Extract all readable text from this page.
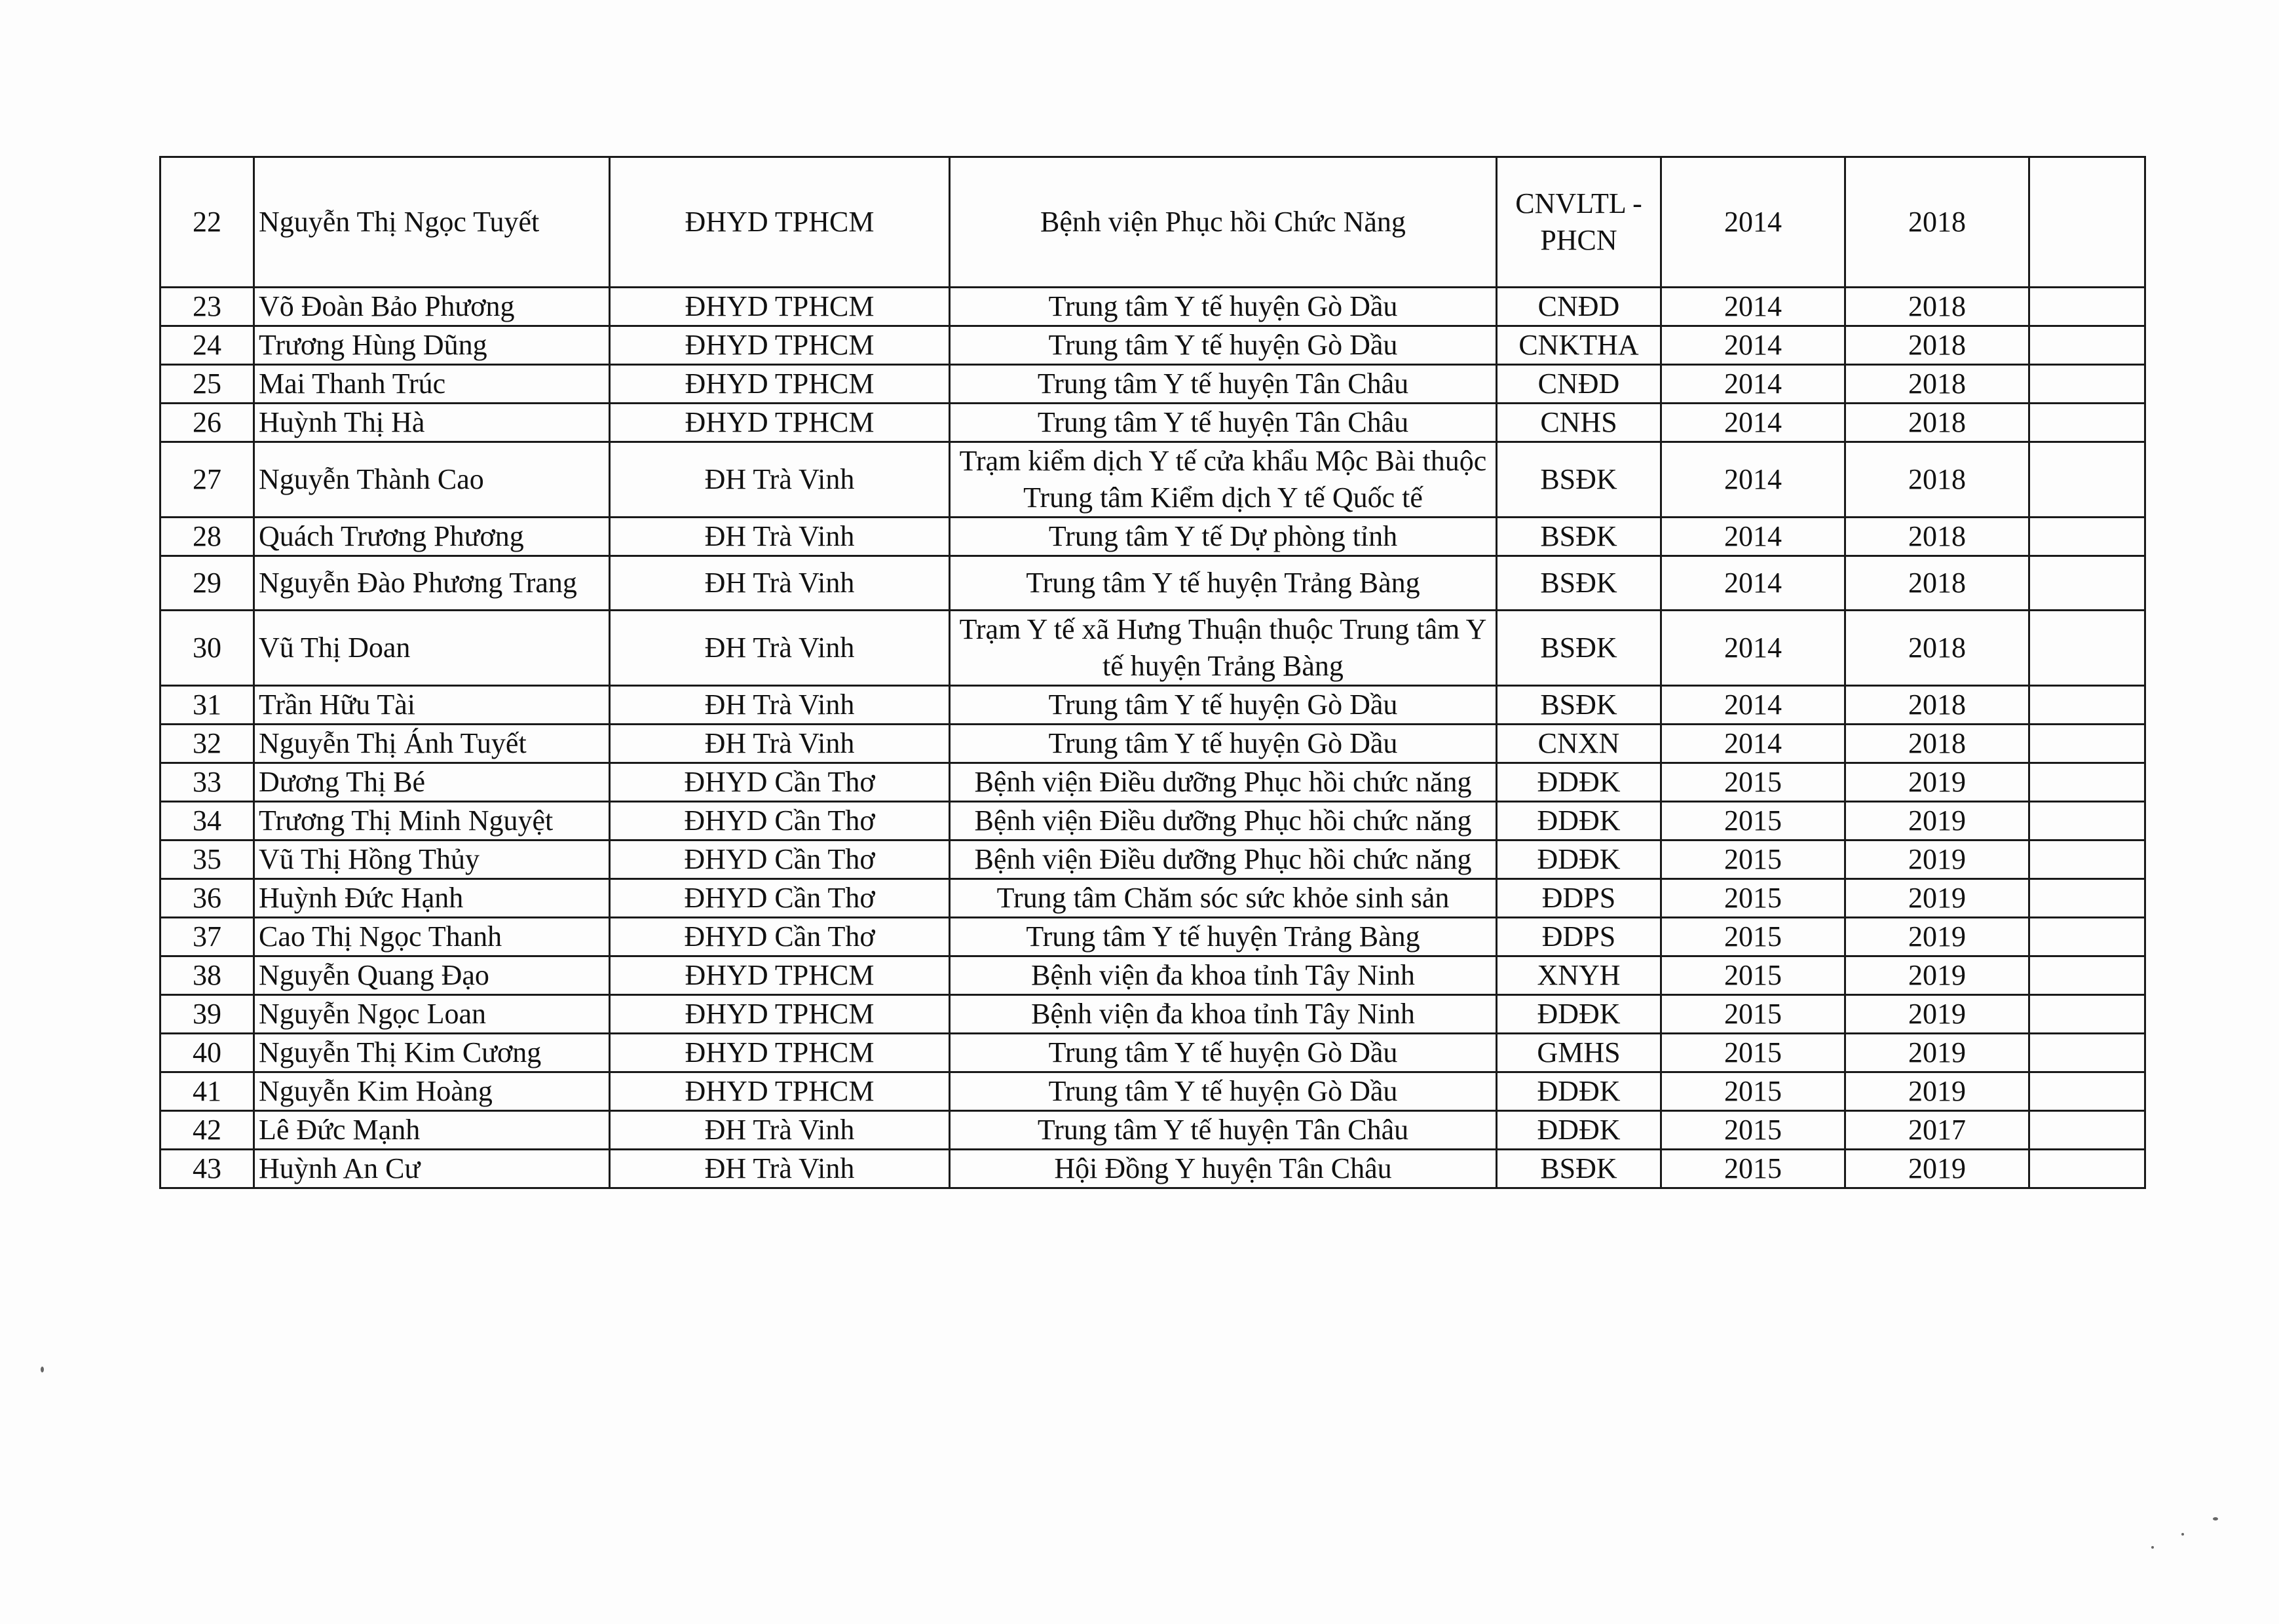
22	Nguyễn Thị Ngọc Tuyết	ĐHYD TPHCM	Bệnh viện Phục hồi Chức Năng	CNVLTL - PHCN	2014	2018	
23	Võ Đoàn Bảo Phương	ĐHYD TPHCM	Trung tâm Y tế huyện Gò Dầu	CNĐD	2014	2018	
24	Trương Hùng Dũng	ĐHYD TPHCM	Trung tâm Y tế huyện Gò Dầu	CNKTHA	2014	2018	
25	Mai Thanh Trúc	ĐHYD TPHCM	Trung tâm Y tế huyện Tân Châu	CNĐD	2014	2018	
26	Huỳnh Thị Hà	ĐHYD TPHCM	Trung tâm Y tế huyện Tân Châu	CNHS	2014	2018	
27	Nguyễn Thành Cao	ĐH Trà Vinh	Trạm kiểm dịch Y tế cửa khẩu Mộc Bài thuộc Trung tâm Kiểm dịch Y tế Quốc tế	BSĐK	2014	2018	
28	Quách Trương Phương	ĐH Trà Vinh	Trung tâm Y tế Dự phòng tỉnh	BSĐK	2014	2018	
29	Nguyễn Đào Phương Trang	ĐH Trà Vinh	Trung tâm Y tế huyện Trảng Bàng	BSĐK	2014	2018	
30	Vũ Thị Doan	ĐH Trà Vinh	Trạm Y tế xã Hưng Thuận thuộc Trung tâm Y tế huyện Trảng Bàng	BSĐK	2014	2018	
31	Trần Hữu Tài	ĐH Trà Vinh	Trung tâm Y tế huyện Gò Dầu	BSĐK	2014	2018	
32	Nguyễn Thị Ánh Tuyết	ĐH Trà Vinh	Trung tâm Y tế huyện Gò Dầu	CNXN	2014	2018	
33	Dương Thị Bé	ĐHYD Cần Thơ	Bệnh viện Điều dưỡng Phục hồi chức năng	ĐDĐK	2015	2019	
34	Trương Thị Minh Nguyệt	ĐHYD Cần Thơ	Bệnh viện Điều dưỡng Phục hồi chức năng	ĐDĐK	2015	2019	
35	Vũ Thị Hồng Thủy	ĐHYD Cần Thơ	Bệnh viện Điều dưỡng Phục hồi chức năng	ĐDĐK	2015	2019	
36	Huỳnh Đức Hạnh	ĐHYD Cần Thơ	Trung tâm Chăm sóc sức khỏe sinh sản	ĐDPS	2015	2019	
37	Cao Thị Ngọc Thanh	ĐHYD Cần Thơ	Trung tâm Y tế huyện Trảng Bàng	ĐDPS	2015	2019	
38	Nguyễn Quang Đạo	ĐHYD TPHCM	Bệnh viện đa khoa tỉnh Tây Ninh	XNYH	2015	2019	
39	Nguyễn Ngọc Loan	ĐHYD TPHCM	Bệnh viện đa khoa tỉnh Tây Ninh	ĐDĐK	2015	2019	
40	Nguyễn Thị Kim Cương	ĐHYD TPHCM	Trung tâm Y tế huyện Gò Dầu	GMHS	2015	2019	
41	Nguyễn Kim Hoàng	ĐHYD TPHCM	Trung tâm Y tế huyện Gò Dầu	ĐDĐK	2015	2019	
42	Lê Đức Mạnh	ĐH Trà Vinh	Trung tâm Y tế huyện Tân Châu	ĐDĐK	2015	2017	
43	Huỳnh An Cư	ĐH Trà Vinh	Hội Đồng Y huyện Tân Châu	BSĐK	2015	2019	
